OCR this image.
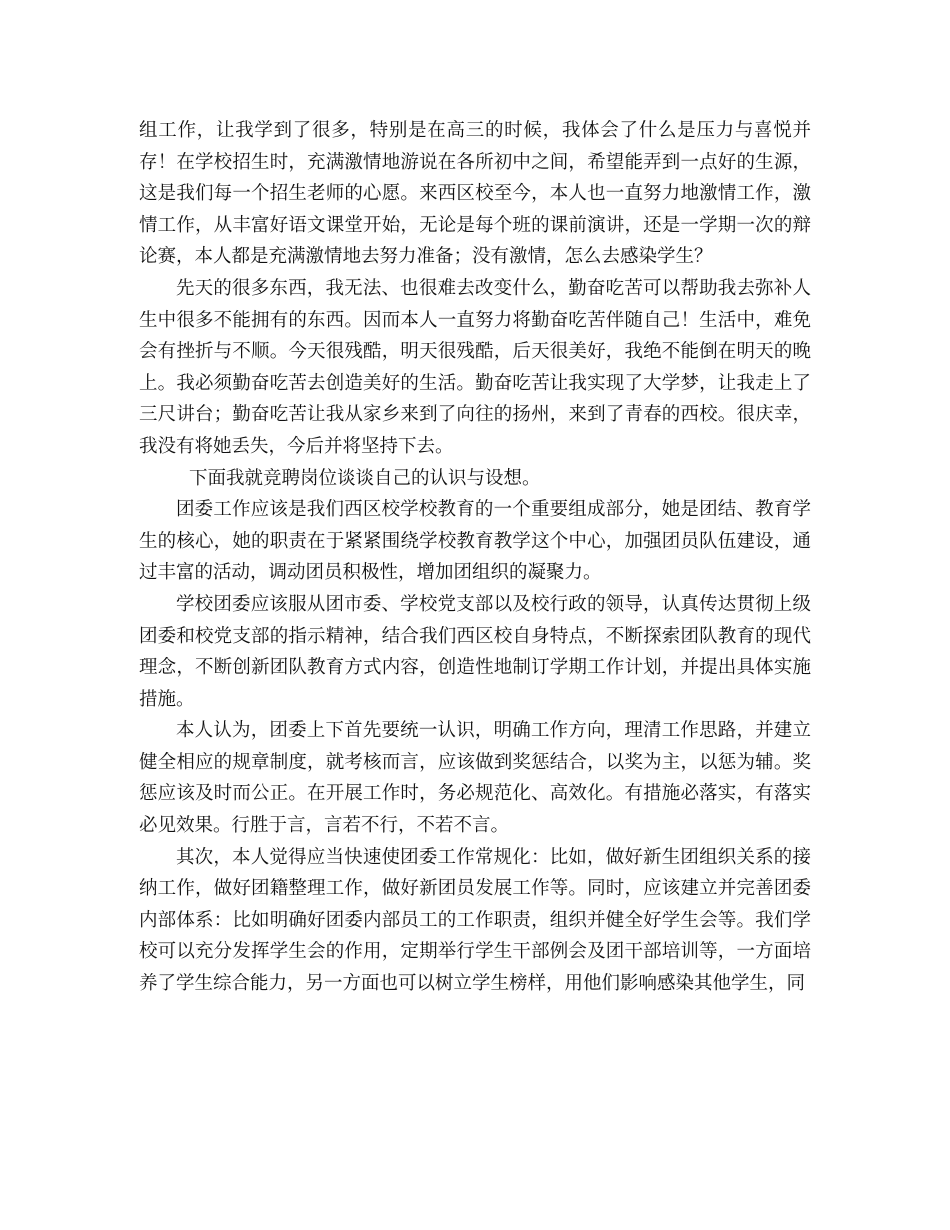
组工作，让我学到了很多，特别是在高三的时候，我体会了什么是压力与喜悦并存！在学校招生时，充满激情地游说在各所初中之间，希望能弄到一点好的生源，这是我们每一个招生老师的心愿。来西区校至今，本人也一直努力地激情工作，激情工作，从丰富好语文课堂开始，无论是每个班的课前演讲，还是一学期一次的辩论赛，本人都是充满激情地去努力准备；没有激情，怎么去感染学生？

先天的很多东西，我无法、也很难去改变什么，勤奋吃苦可以帮助我去弥补人生中很多不能拥有的东西。因而本人一直努力将勤奋吃苦伴随自己！生活中，难免会有挫折与不顺。今天很残酷，明天很残酷，后天很美好，我绝不能倒在明天的晚上。我必须勤奋吃苦去创造美好的生活。勤奋吃苦让我实现了大学梦，让我走上了三尺讲台；勤奋吃苦让我从家乡来到了向往的扬州，来到了青春的西校。很庆幸，我没有将她丢失，今后并将坚持下去。

下面我就竞聘岗位谈谈自己的认识与设想。

团委工作应该是我们西区校学校教育的一个重要组成部分，她是团结、教育学生的核心，她的职责在于紧紧围绕学校教育教学这个中心，加强团员队伍建设，通过丰富的活动，调动团员积极性，增加团组织的凝聚力。

学校团委应该服从团市委、学校党支部以及校行政的领导，认真传达贯彻上级团委和校党支部的指示精神，结合我们西区校自身特点，不断探索团队教育的现代理念，不断创新团队教育方式内容，创造性地制订学期工作计划，并提出具体实施措施。

本人认为，团委上下首先要统一认识，明确工作方向，理清工作思路，并建立健全相应的规章制度，就考核而言，应该做到奖惩结合，以奖为主，以惩为辅。奖惩应该及时而公正。在开展工作时，务必规范化、高效化。有措施必落实，有落实必见效果。行胜于言，言若不行，不若不言。

其次，本人觉得应当快速使团委工作常规化：比如，做好新生团组织关系的接纳工作，做好团籍整理工作，做好新团员发展工作等。同时，应该建立并完善团委内部体系：比如明确好团委内部员工的工作职责，组织并健全好学生会等。我们学校可以充分发挥学生会的作用，定期举行学生干部例会及团干部培训等，一方面培养了学生综合能力，另一方面也可以树立学生榜样，用他们影响感染其他学生，同
